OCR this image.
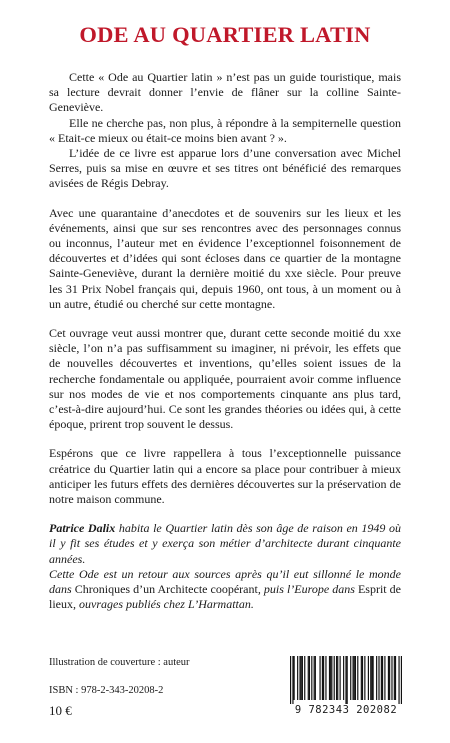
ODE AU QUARTIER LATIN

Cette « Ode au Quartier latin » n’est pas un guide touristique, mais sa lecture devrait donner l’envie de flâner sur la colline Sainte-Geneviève.

Elle ne cherche pas, non plus, à répondre à la sempiternelle question « Etait-ce mieux ou était-ce moins bien avant ? ».

L’idée de ce livre est apparue lors d’une conversation avec Michel Serres, puis sa mise en œuvre et ses titres ont bénéficié des remarques avisées de Régis Debray.

Avec une quarantaine d’anecdotes et de souvenirs sur les lieux et les événements, ainsi que sur ses rencontres avec des personnages connus ou inconnus, l’auteur met en évidence l’exceptionnel foisonnement de découvertes et d’idées qui sont écloses dans ce quartier de la montagne Sainte-Geneviève, durant la dernière moitié du xxe siècle. Pour preuve les 31 Prix Nobel français qui, depuis 1960, ont tous, à un moment ou à un autre, étudié ou cherché sur cette montagne.

Cet ouvrage veut aussi montrer que, durant cette seconde moitié du xxe siècle, l’on n’a pas suffisamment su imaginer, ni prévoir, les effets que de nouvelles découvertes et inventions, qu’elles soient issues de la recherche fondamentale ou appliquée, pourraient avoir comme influence sur nos modes de vie et nos comportements cinquante ans plus tard, c’est-à-dire aujourd’hui. Ce sont les grandes théories ou idées qui, à cette époque, prirent trop souvent le dessus.

Espérons que ce livre rappellera à tous l’exceptionnelle puissance créatrice du Quartier latin qui a encore sa place pour contribuer à mieux anticiper les futurs effets des dernières découvertes sur la préservation de notre maison commune.

Patrice Dalix habita le Quartier latin dès son âge de raison en 1949 où il y fit ses études et y exerça son métier d’architecte durant cinquante années.

Cette Ode est un retour aux sources après qu’il eut sillonné le monde dans Chroniques d’un Architecte coopérant, puis l’Europe dans Esprit de lieux, ouvrages publiés chez L’Harmattan.

Illustration de couverture : auteur
ISBN : 978-2-343-20208-2
10 €	9 782343 202082
